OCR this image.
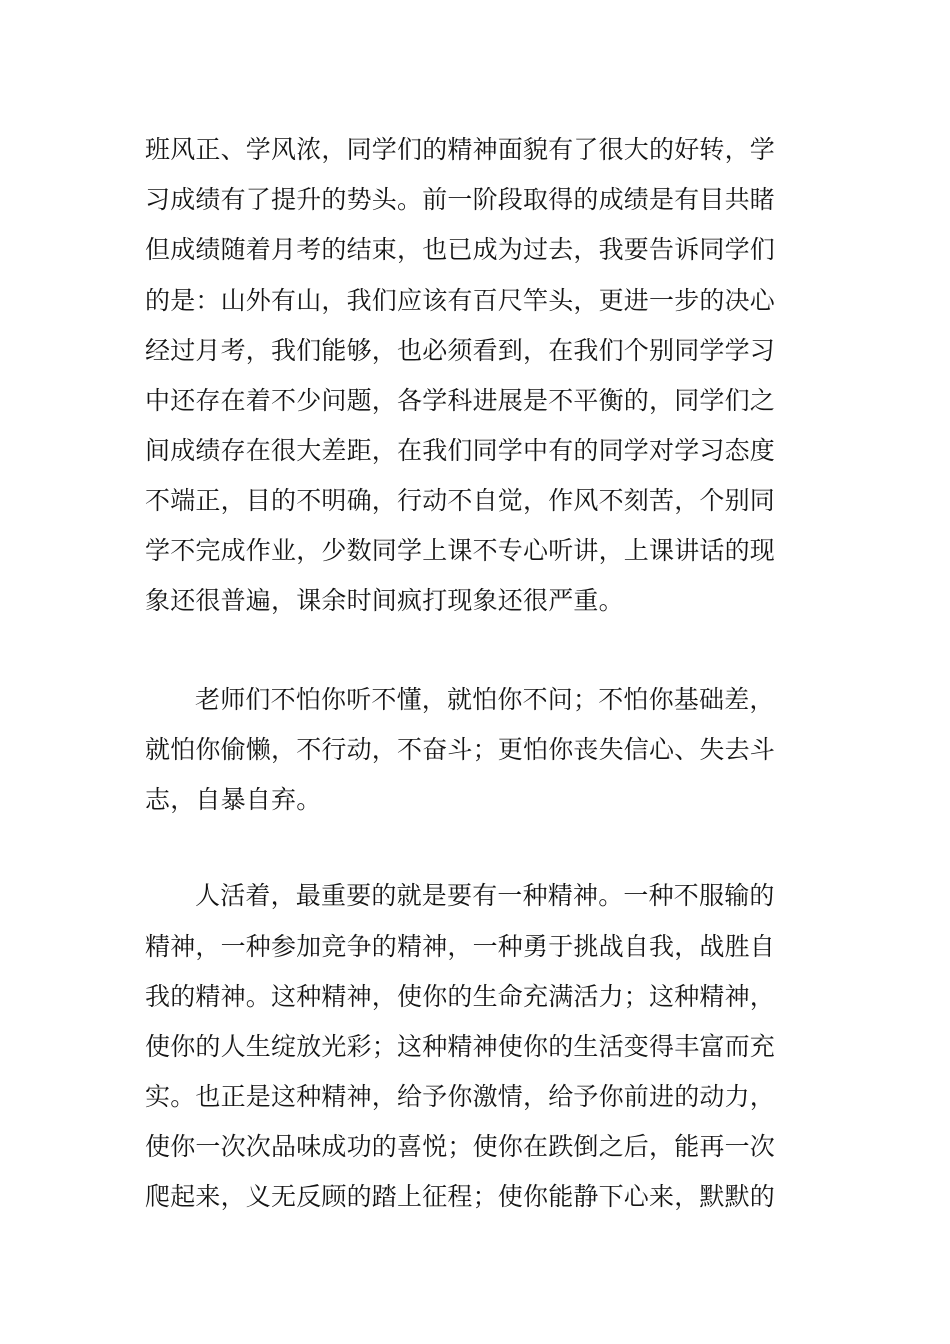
班风正、学风浓，同学们的精神面貌有了很大的好转，学
习成绩有了提升的势头。前一阶段取得的成绩是有目共睹
但成绩随着月考的结束，也已成为过去，我要告诉同学们
的是：山外有山，我们应该有百尺竿头，更进一步的决心
经过月考，我们能够，也必须看到，在我们个别同学学习
中还存在着不少问题，各学科进展是不平衡的，同学们之
间成绩存在很大差距，在我们同学中有的同学对学习态度
不端正，目的不明确，行动不自觉，作风不刻苦，个别同
学不完成作业，少数同学上课不专心听讲，上课讲话的现
象还很普遍，课余时间疯打现象还很严重。
老师们不怕你听不懂，就怕你不问；不怕你基础差，
就怕你偷懒，不行动，不奋斗；更怕你丧失信心、失去斗
志，自暴自弃。
人活着，最重要的就是要有一种精神。一种不服输的
精神，一种参加竞争的精神，一种勇于挑战自我，战胜自
我的精神。这种精神，使你的生命充满活力；这种精神，
使你的人生绽放光彩；这种精神使你的生活变得丰富而充
实。也正是这种精神，给予你激情，给予你前进的动力，
使你一次次品味成功的喜悦；使你在跌倒之后，能再一次
爬起来，义无反顾的踏上征程；使你能静下心来，默默的
